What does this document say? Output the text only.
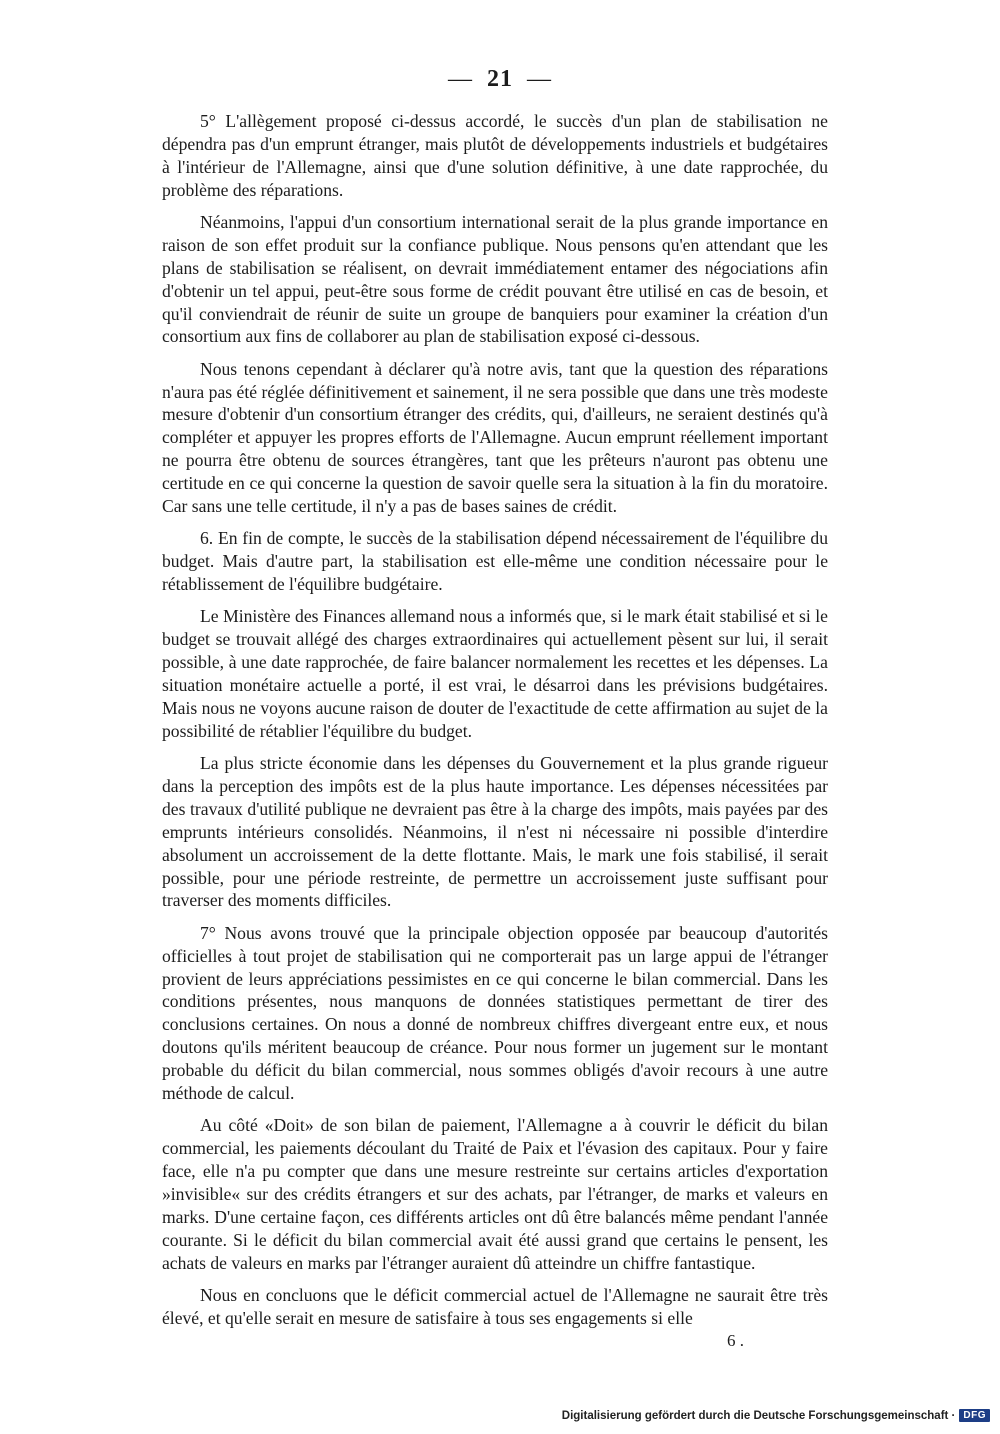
— 21 —

5° L'allègement proposé ci-dessus accordé, le succès d'un plan de stabilisation ne dépendra pas d'un emprunt étranger, mais plutôt de développements industriels et budgétaires à l'intérieur de l'Allemagne, ainsi que d'une solution définitive, à une date rapprochée, du problème des réparations.

Néanmoins, l'appui d'un consortium international serait de la plus grande importance en raison de son effet produit sur la confiance publique. Nous pensons qu'en attendant que les plans de stabilisation se réalisent, on devrait immédiatement entamer des négociations afin d'obtenir un tel appui, peut-être sous forme de crédit pouvant être utilisé en cas de besoin, et qu'il conviendrait de réunir de suite un groupe de banquiers pour examiner la création d'un consortium aux fins de collaborer au plan de stabilisation exposé ci-dessous.

Nous tenons cependant à déclarer qu'à notre avis, tant que la question des réparations n'aura pas été réglée définitivement et sainement, il ne sera possible que dans une très modeste mesure d'obtenir d'un consortium étranger des crédits, qui, d'ailleurs, ne seraient destinés qu'à compléter et appuyer les propres efforts de l'Allemagne. Aucun emprunt réellement important ne pourra être obtenu de sources étrangères, tant que les prêteurs n'auront pas obtenu une certitude en ce qui concerne la question de savoir quelle sera la situation à la fin du moratoire. Car sans une telle certitude, il n'y a pas de bases saines de crédit.

6. En fin de compte, le succès de la stabilisation dépend nécessairement de l'équilibre du budget. Mais d'autre part, la stabilisation est elle-même une condition nécessaire pour le rétablissement de l'équilibre budgétaire.

Le Ministère des Finances allemand nous a informés que, si le mark était stabilisé et si le budget se trouvait allégé des charges extraordinaires qui actuellement pèsent sur lui, il serait possible, à une date rapprochée, de faire balancer normalement les recettes et les dépenses. La situation monétaire actuelle a porté, il est vrai, le désarroi dans les prévisions budgétaires. Mais nous ne voyons aucune raison de douter de l'exactitude de cette affirmation au sujet de la possibilité de rétablier l'équilibre du budget.

La plus stricte économie dans les dépenses du Gouvernement et la plus grande rigueur dans la perception des impôts est de la plus haute importance. Les dépenses nécessitées par des travaux d'utilité publique ne devraient pas être à la charge des impôts, mais payées par des emprunts intérieurs consolidés. Néanmoins, il n'est ni nécessaire ni possible d'interdire absolument un accroissement de la dette flottante. Mais, le mark une fois stabilisé, il serait possible, pour une période restreinte, de permettre un accroissement juste suffisant pour traverser des moments difficiles.

7° Nous avons trouvé que la principale objection opposée par beaucoup d'autorités officielles à tout projet de stabilisation qui ne comporterait pas un large appui de l'étranger provient de leurs appréciations pessimistes en ce qui concerne le bilan commercial. Dans les conditions présentes, nous manquons de données statistiques permettant de tirer des conclusions certaines. On nous a donné de nombreux chiffres divergeant entre eux, et nous doutons qu'ils méritent beaucoup de créance. Pour nous former un jugement sur le montant probable du déficit du bilan commercial, nous sommes obligés d'avoir recours à une autre méthode de calcul.

Au côté «Doit» de son bilan de paiement, l'Allemagne a à couvrir le déficit du bilan commercial, les paiements découlant du Traité de Paix et l'évasion des capitaux. Pour y faire face, elle n'a pu compter que dans une mesure restreinte sur certains articles d'exportation »invisible« sur des crédits étrangers et sur des achats, par l'étranger, de marks et valeurs en marks. D'une certaine façon, ces différents articles ont dû être balancés même pendant l'année courante. Si le déficit du bilan commercial avait été aussi grand que certains le pensent, les achats de valeurs en marks par l'étranger auraient dû atteindre un chiffre fantastique.

Nous en concluons que le déficit commercial actuel de l'Allemagne ne saurait être très élevé, et qu'elle serait en mesure de satisfaire à tous ses engagements si elle

6 .
Digitalisierung gefördert durch die Deutsche Forschungsgemeinschaft · DFG
